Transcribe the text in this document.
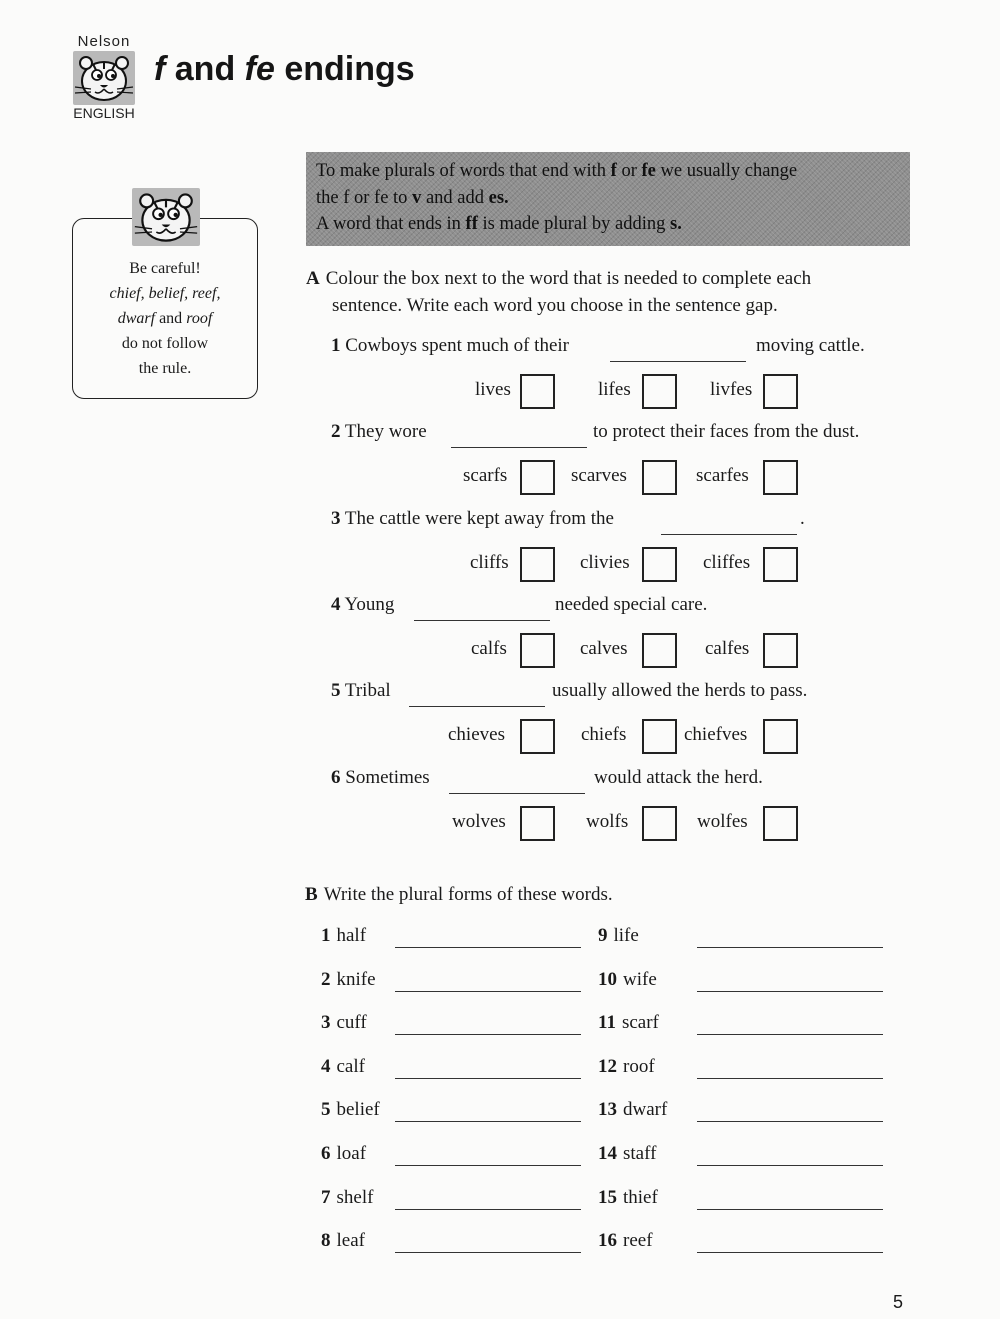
Nelson
ENGLISH
f and fe endings
To make plurals of words that end with f or fe we usually change
the f or fe to v and add es.
A word that ends in ff is made plural by adding s.
Be careful!
chief, belief, reef,
dwarf and roof
do not follow
the rule.
A Colour the box next to the word that is needed to complete each
sentence. Write each word you choose in the sentence gap.
1 Cowboys spent much of their	moving cattle.
lives	lifes	livfes
2 They wore	to protect their faces from the dust.
scarfs	scarves	scarfes
3 The cattle were kept away from the	.
cliffs	clivies	cliffes
4 Young	needed special care.
calfs	calves	calfes
5 Tribal	usually allowed the herds to pass.
chieves	chiefs	chiefves
6 Sometimes	would attack the herd.
wolves	wolfs	wolfes
B Write the plural forms of these words.
1 half
2 knife
3 cuff
4 calf
5 belief
6 loaf
7 shelf
8 leaf
9 life
10 wife
11 scarf
12 roof
13 dwarf
14 staff
15 thief
16 reef
5
